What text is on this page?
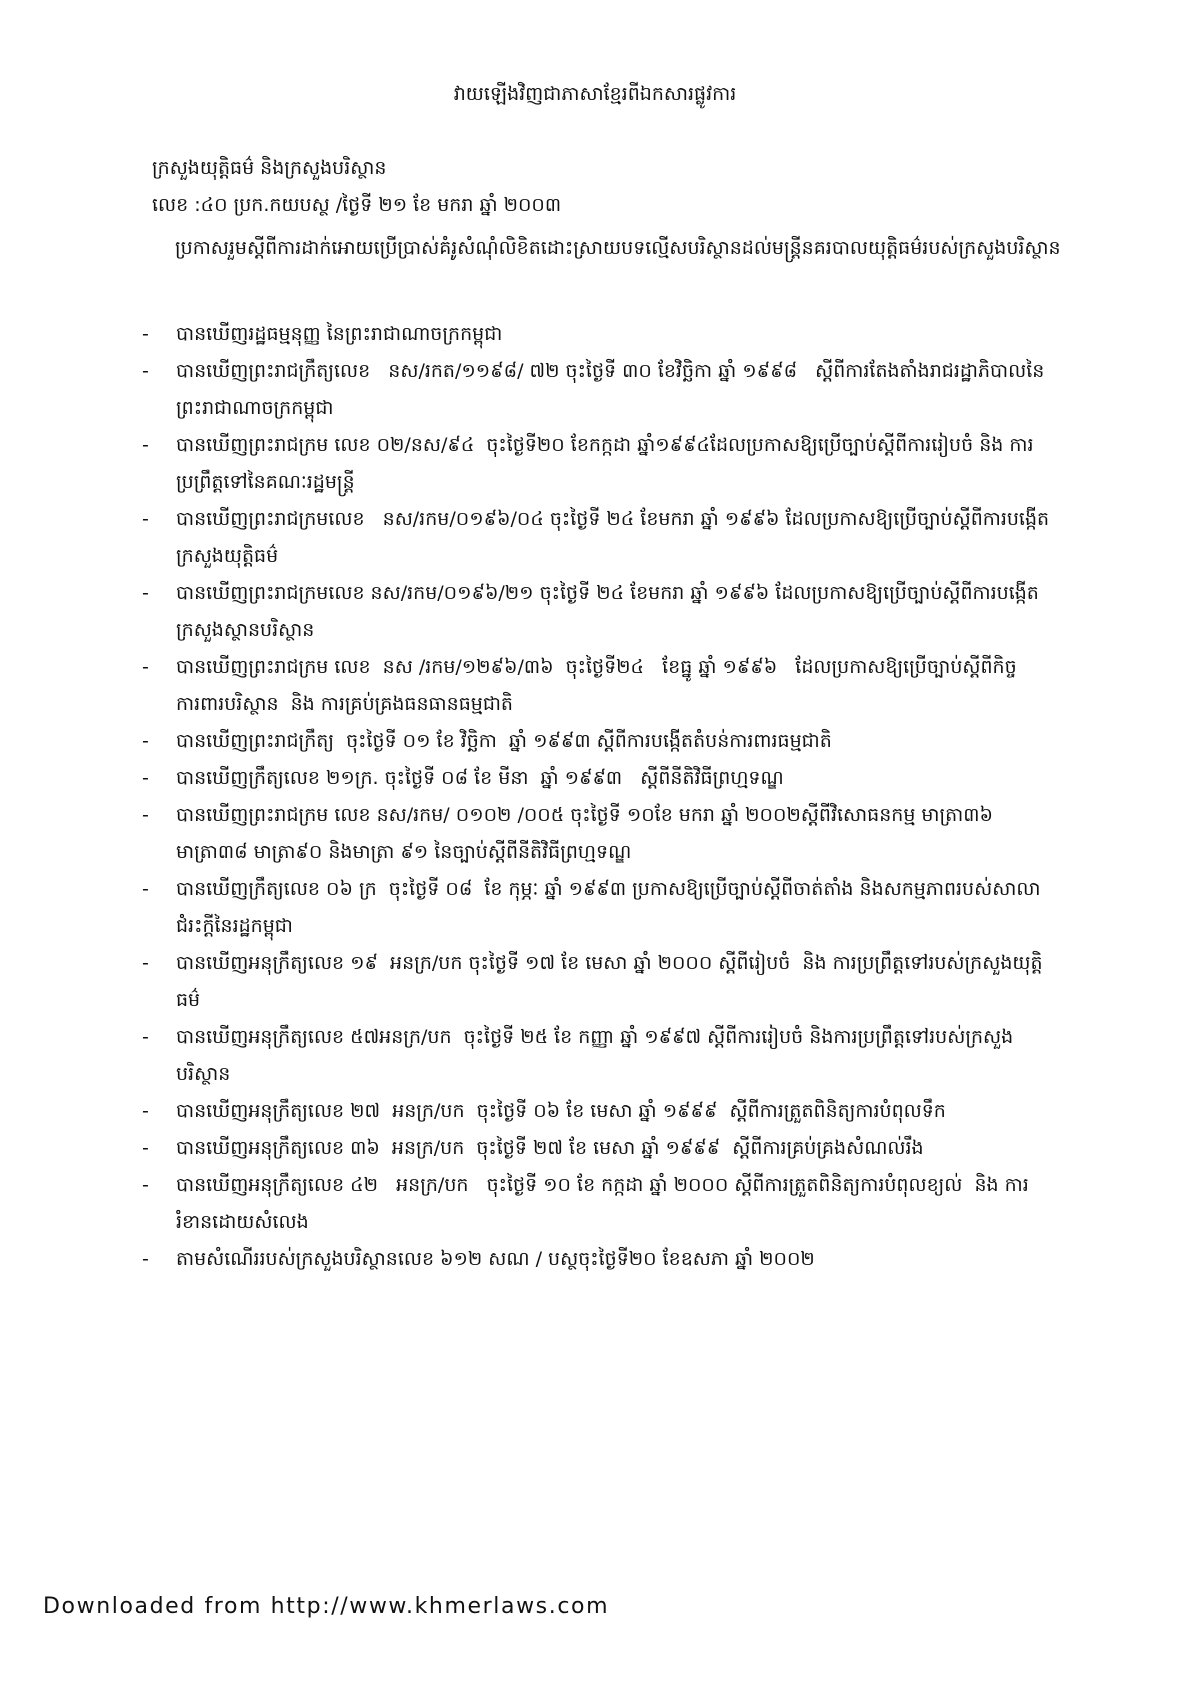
វាយឡើងវិញជាភាសាខ្មែរពីឯកសារផ្លូវការ
ក្រសួងយុត្តិធម៌ និងក្រសួងបរិស្ថាន
លេខ :៤០ ប្រក.កយបស្ថ /ថ្ងៃទី ២១ ខែ មករា ឆ្នាំ ២០០៣
ប្រកាសរួមស្តីពីការដាក់អោយប្រើប្រាស់គំរូសំណុំលិខិតដោះស្រាយបទល្មើសបរិស្ថានដល់មន្ត្រីនគរបាលយុត្តិធម៌របស់ក្រសួងបរិស្ថាន
- បានឃើញរដ្ឋធម្មនុញ្ញ នៃព្រះរាជាណាចក្រកម្ពុជា
- បានឃើញព្រះរាជក្រឹត្យលេខ   នស/រកត/១១៩៨/ ៧២ ចុះថ្ងៃទី ៣០ ខែវិច្ឆិកា ឆ្នាំ ១៩៩៨   ស្តីពីការតែងតាំងរាជរដ្ឋាភិបាលនៃព្រះរាជាណាចក្រកម្ពុជា
- បានឃើញព្រះរាជក្រម លេខ ០២/នស/៩៤  ចុះថ្ងៃទី២០ ខែកក្កដា ឆ្នាំ១៩៩៤ដែលប្រកាសឱ្យប្រើច្បាប់ស្តីពីការរៀបចំ និង ការប្រព្រឹត្តទៅនៃគណៈរដ្ឋមន្ត្រី
- បានឃើញព្រះរាជក្រមលេខ   នស/រកម/០១៩៦/០៤ ចុះថ្ងៃទី ២៤ ខែមករា ឆ្នាំ ១៩៩៦ ដែលប្រកាសឱ្យប្រើច្បាប់ស្តីពីការបង្កើតក្រសួងយុត្តិធម៌
- បានឃើញព្រះរាជក្រមលេខ នស/រកម/០១៩៦/២១ ចុះថ្ងៃទី ២៤ ខែមករា ឆ្នាំ ១៩៩៦ ដែលប្រកាសឱ្យប្រើច្បាប់ស្តីពីការបង្កើតក្រសួងស្ថានបរិស្ថាន
- បានឃើញព្រះរាជក្រម លេខ  នស /រកម/១២៩៦/៣៦  ចុះថ្ងៃទី២៤   ខែធ្នូ ឆ្នាំ ១៩៩៦   ដែលប្រកាសឱ្យប្រើច្បាប់ស្តីពីកិច្ចការពារបរិស្ថាន  និង ការគ្រប់គ្រងធនធានធម្មជាតិ
- បានឃើញព្រះរាជក្រឹត្យ  ចុះថ្ងៃទី ០១ ខែ វិច្ឆិកា  ឆ្នាំ ១៩៩៣ ស្តីពីការបង្កើតតំបន់ការពារធម្មជាតិ
- បានឃើញក្រឹត្យលេខ ២១ក្រ. ចុះថ្ងៃទី ០៨ ខែ មីនា  ឆ្នាំ ១៩៩៣   ស្តីពីនីតិវិធីព្រហ្មទណ្ឌ
- បានឃើញព្រះរាជក្រម លេខ នស/រកម/ ០១០២ /០០៥ ចុះថ្ងៃទី ១០ខែ មករា ឆ្នាំ ២០០២ស្តីពីវិសោធនកម្ម មាត្រា៣៦ មាត្រា៣៨ មាត្រា៩០ និងមាត្រា ៩១ នៃច្បាប់ស្តីពីនីតិវិធីព្រហ្មទណ្ឌ
- បានឃើញក្រឹត្យលេខ ០៦ ក្រ  ចុះថ្ងៃទី ០៨  ខែ កុម្ភៈ ឆ្នាំ ១៩៩៣ ប្រកាសឱ្យប្រើច្បាប់ស្តីពីចាត់តាំង និងសកម្មភាពរបស់សាលាជំរះក្តីនៃរដ្ឋកម្ពុជា
- បានឃើញអនុក្រឹត្យលេខ ១៩  អនក្រ/បក ចុះថ្ងៃទី ១៧ ខែ មេសា ឆ្នាំ ២០០០ ស្តីពីរៀបចំ  និង ការប្រព្រឹត្តទៅរបស់ក្រសួងយុត្តិធម៌
- បានឃើញអនុក្រឹត្យលេខ ៥៧អនក្រ/បក  ចុះថ្ងៃទី ២៥ ខែ កញ្ញា ឆ្នាំ ១៩៩៧ ស្តីពីការរៀបចំ និងការប្រព្រឹត្តទៅរបស់ក្រសួងបរិស្ថាន
- បានឃើញអនុក្រឹត្យលេខ ២៧  អនក្រ/បក  ចុះថ្ងៃទី ០៦ ខែ មេសា ឆ្នាំ ១៩៩៩  ស្តីពីការត្រួតពិនិត្យការបំពុលទឹក
- បានឃើញអនុក្រឹត្យលេខ ៣៦  អនក្រ/បក  ចុះថ្ងៃទី ២៧ ខែ មេសា ឆ្នាំ ១៩៩៩  ស្តីពីការគ្រប់គ្រងសំណល់រឹង
- បានឃើញអនុក្រឹត្យលេខ ៤២   អនក្រ/បក   ចុះថ្ងៃទី ១០ ខែ កក្កដា ឆ្នាំ ២០០០ ស្តីពីការត្រួតពិនិត្យការបំពុលខ្យល់  និង ការរំខានដោយសំលេង
- តាមសំណើររបស់ក្រសួងបរិស្ថានលេខ ៦១២ សណ / បស្ថចុះថ្ងៃទី២០ ខែឧសភា ឆ្នាំ ២០០២
Downloaded from http://www.khmerlaws.com
